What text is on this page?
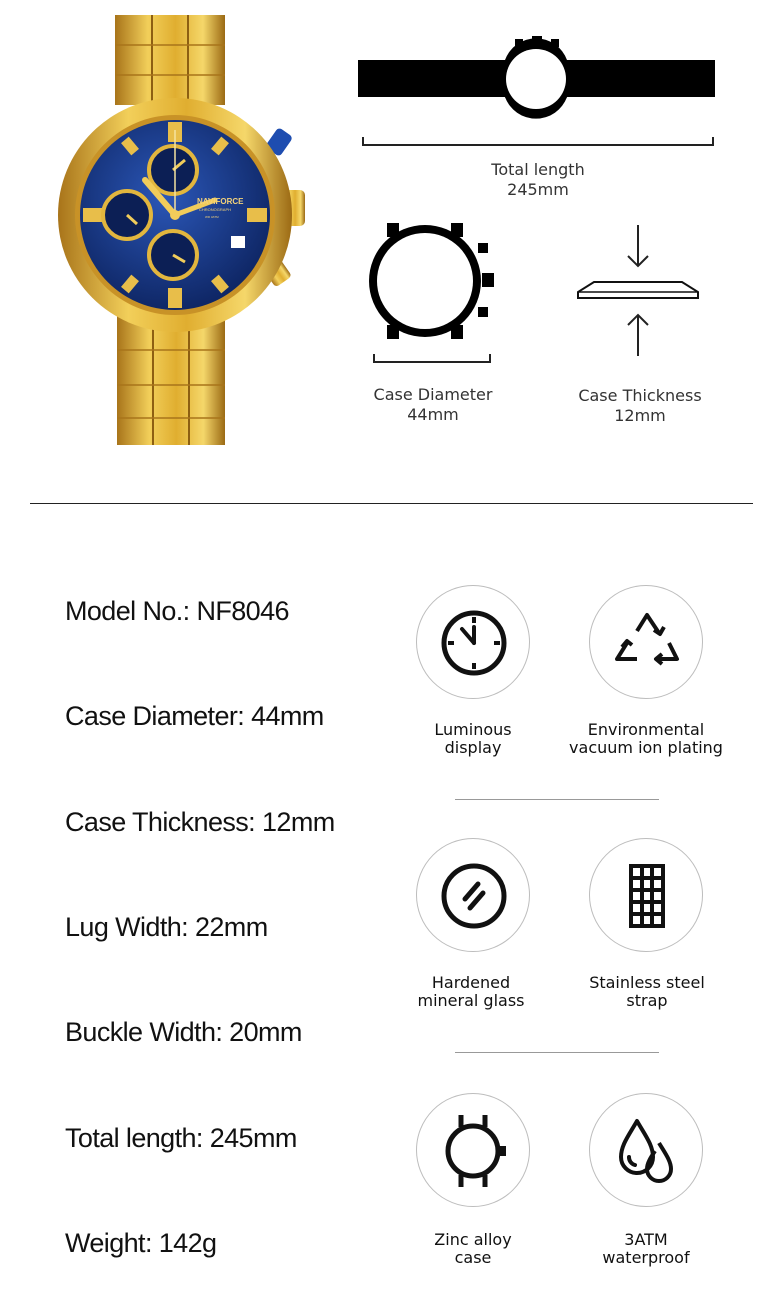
NAVIFORCE
CHRONOGRAPH
WR 3ATM
Total length
245mm
Case Diameter
44mm
Case Thickness
12mm
Model No.: NF8046
Case Diameter: 44mm
Case Thickness: 12mm
Lug Width: 22mm
Buckle Width: 20mm
Total length: 245mm
Weight: 142g
Luminous
display
Environmental
vacuum ion plating
Hardened
mineral glass
Stainless steel
strap
Zinc alloy
case
3ATM
waterproof
